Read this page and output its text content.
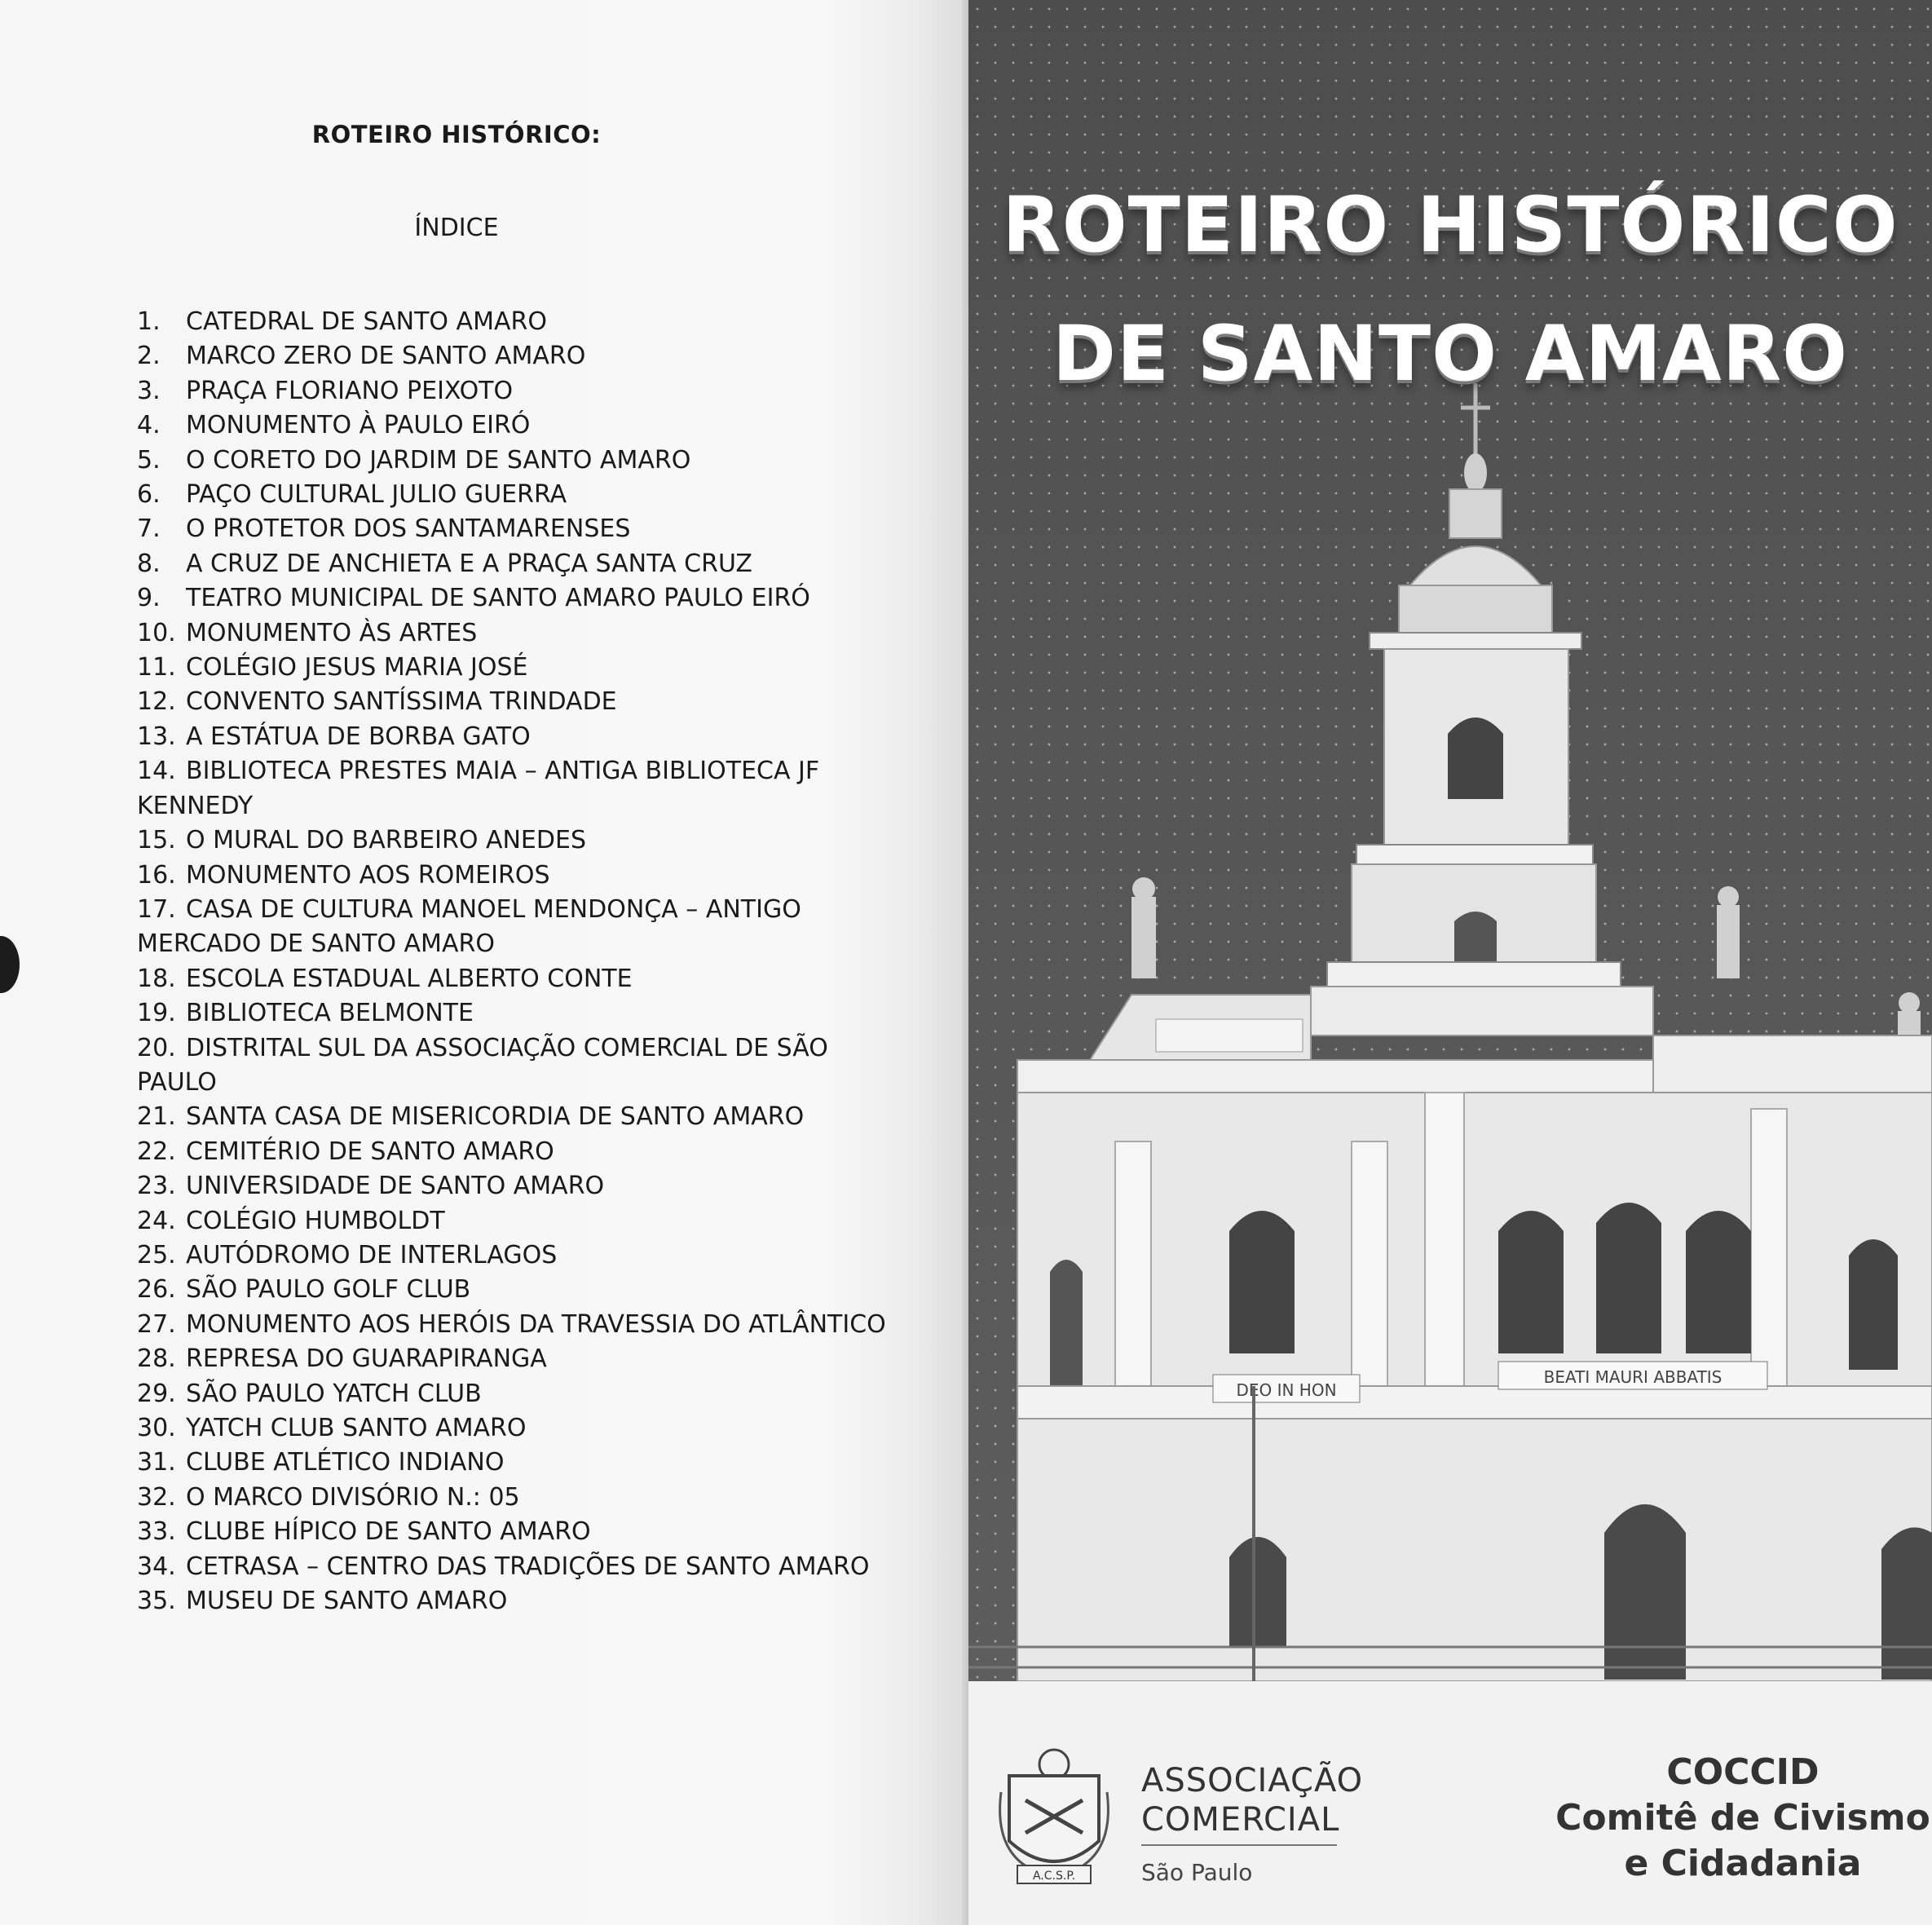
ROTEIRO HISTÓRICO:
ÍNDICE
1. CATEDRAL DE SANTO AMARO
2. MARCO ZERO DE SANTO AMARO
3. PRAÇA FLORIANO PEIXOTO
4. MONUMENTO À PAULO EIRÓ
5. O CORETO DO JARDIM DE SANTO AMARO
6. PAÇO CULTURAL JULIO GUERRA
7. O PROTETOR DOS SANTAMARENSES
8. A CRUZ DE ANCHIETA E A PRAÇA SANTA CRUZ
9. TEATRO MUNICIPAL DE SANTO AMARO PAULO EIRÓ
10. MONUMENTO ÀS ARTES
11. COLÉGIO JESUS MARIA JOSÉ
12. CONVENTO SANTÍSSIMA TRINDADE
13. A ESTÁTUA DE BORBA GATO
14. BIBLIOTECA PRESTES MAIA – ANTIGA BIBLIOTECA JF KENNEDY
15. O MURAL DO BARBEIRO ANEDES
16. MONUMENTO AOS ROMEIROS
17. CASA DE CULTURA MANOEL MENDONÇA – ANTIGO MERCADO DE SANTO AMARO
18. ESCOLA ESTADUAL ALBERTO CONTE
19. BIBLIOTECA BELMONTE
20. DISTRITAL SUL DA ASSOCIAÇÃO COMERCIAL DE SÃO PAULO
21. SANTA CASA DE MISERICORDIA DE SANTO AMARO
22. CEMITÉRIO DE SANTO AMARO
23. UNIVERSIDADE DE SANTO AMARO
24. COLÉGIO HUMBOLDT
25. AUTÓDROMO DE INTERLAGOS
26. SÃO PAULO GOLF CLUB
27. MONUMENTO AOS HERÓIS DA TRAVESSIA DO ATLÂNTICO
28. REPRESA DO GUARAPIRANGA
29. SÃO PAULO YATCH CLUB
30. YATCH CLUB SANTO AMARO
31. CLUBE ATLÉTICO INDIANO
32. O MARCO DIVISÓRIO N.: 05
33. CLUBE HÍPICO DE SANTO AMARO
34. CETRASA – CENTRO DAS TRADIÇÕES DE SANTO AMARO
35. MUSEU DE SANTO AMARO
DEO IN HON
BEATI MAURI ABBATIS
ROTEIRO HISTÓRICO
DE SANTO AMARO
A.C.S.P.
ASSOCIAÇÃO
COMERCIAL
São Paulo
COCCID
Comitê de Civismo
e Cidadania
